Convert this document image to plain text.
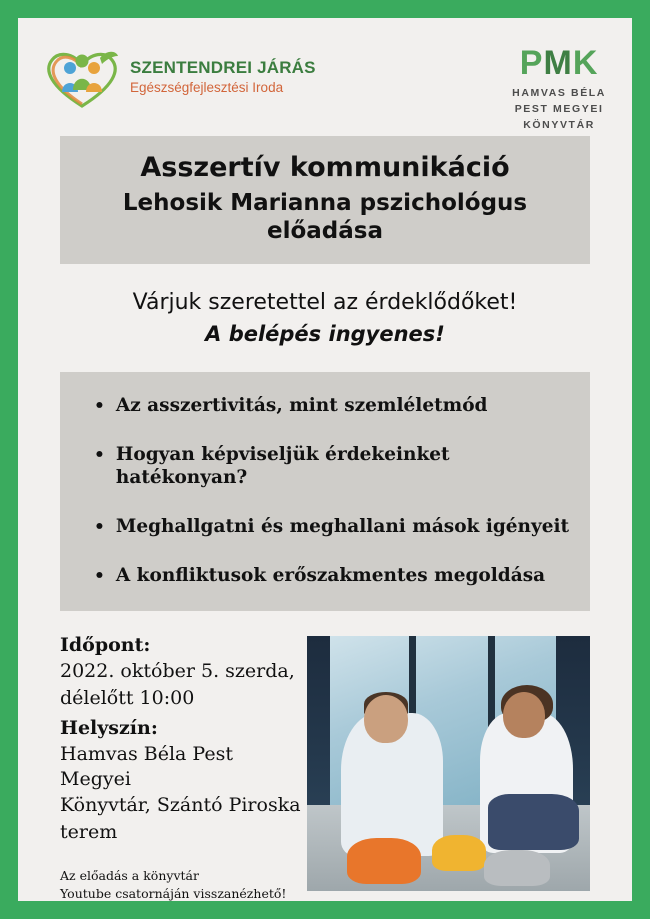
SZENTENDREI JÁRÁS
Egészségfejlesztési Iroda
PMK
HAMVAS BÉLA
PEST MEGYEI
KÖNYVTÁR
Asszertív kommunikáció
Lehosik Marianna pszichológus előadása
Várjuk szeretettel az érdeklődőket!
A belépés ingyenes!
• Az asszertivitás, mint szemléletmód
• Hogyan képviseljük érdekeinket hatékonyan?
• Meghallgatni és meghallani mások igényeit
• A konfliktusok erőszakmentes megoldása
Időpont:
2022. október 5. szerda,
délelőtt 10:00
Helyszín:
Hamvas Béla Pest Megyei
Könyvtár, Szántó Piroska
terem
Az előadás a könyvtár
Youtube csatornáján visszanézhető!
